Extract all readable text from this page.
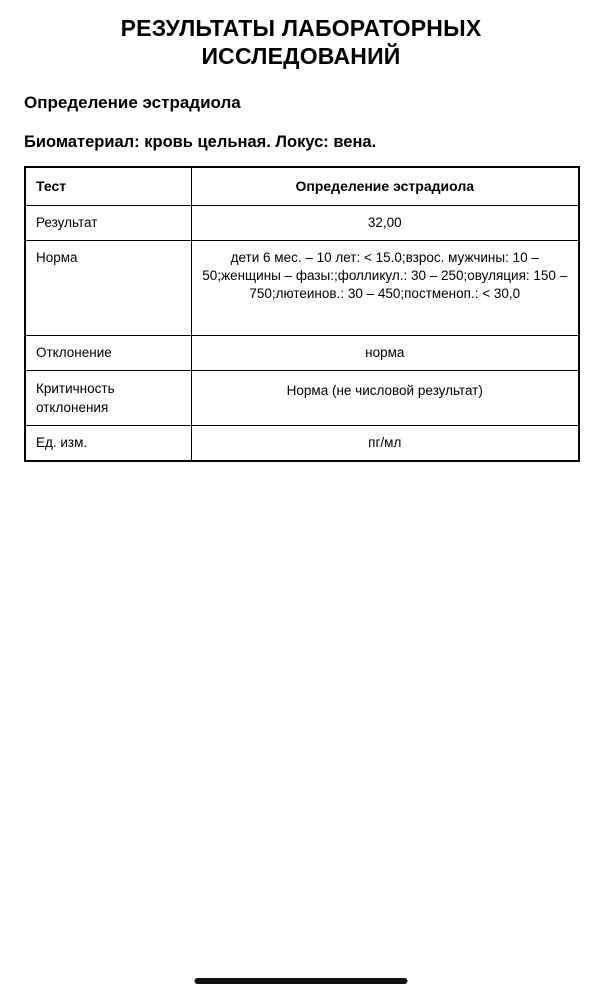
РЕЗУЛЬТАТЫ ЛАБОРАТОРНЫХ ИССЛЕДОВАНИЙ
Определение эстрадиола

Биоматериал: кровь цельная. Локус: вена.

Тест	Определение эстрадиола
Результат	32,00
Норма	дети 6 мес. – 10 лет: < 15.0;взрос. мужчины: 10 – 50;женщины – фазы:;фолликул.: 30 – 250;овуляция: 150 – 750;лютеинов.: 30 – 450;постменоп.: < 30,0
Отклонение	норма
Критичность отклонения	Норма (не числовой результат)
Ед. изм.	пг/мл
